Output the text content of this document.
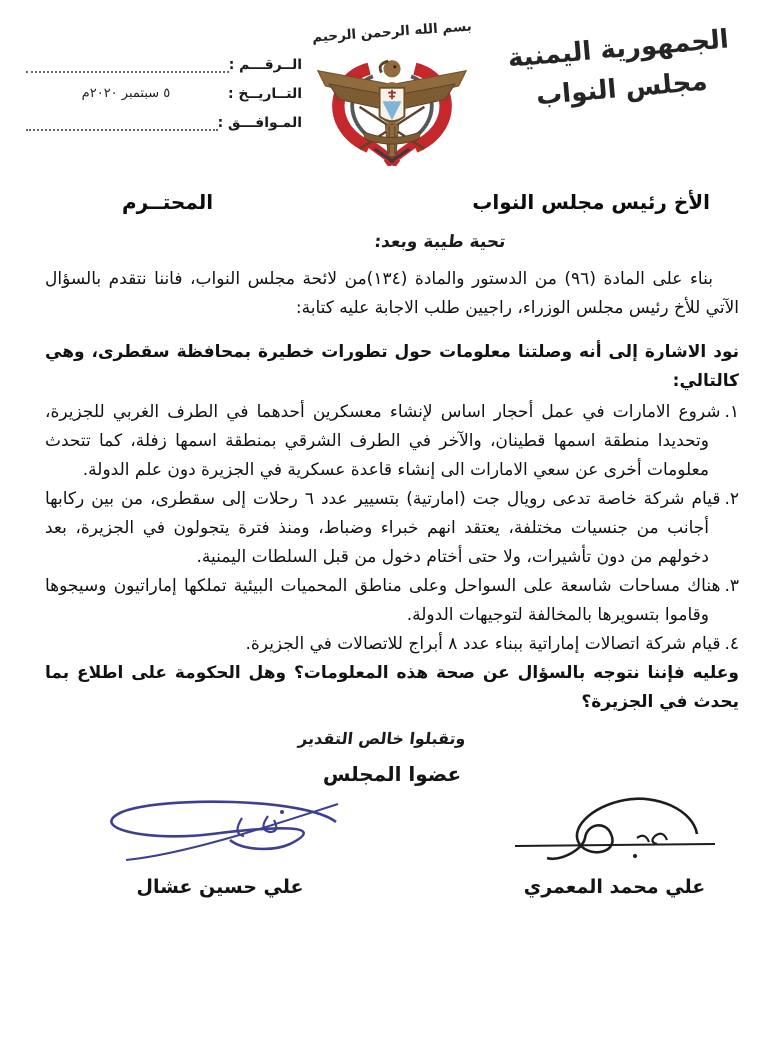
الجمهورية اليمنية
مجلس النواب
بسم الله الرحمن الرحيم
الــرقـــم :
التــاريــخ :
٥ سبتمبر ٢٠٢٠م
المـوافـــق :
الأخ رئيس مجلس النواب
المحتــرم
تحية طيبة وبعد:

بناء على المادة (٩٦) من الدستور والمادة (١٣٤)من لائحة مجلس النواب، فاننا نتقدم بالسؤال الآتي للأخ رئيس مجلس الوزراء، راجيين طلب الاجابة عليه كتابة:

نود الاشارة إلى أنه وصلتنا معلومات حول تطورات خطيرة بمحافظة سقطرى، وهي كالتالي:

١.شروع الامارات في عمل أحجار اساس لإنشاء معسكرين أحدهما في الطرف الغربي للجزيرة، وتحديدا منطقة اسمها قطينان، والآخر في الطرف الشرقي بمنطقة اسمها زفلة، كما تتحدث معلومات أخرى عن سعي الامارات الى إنشاء قاعدة عسكرية في الجزيرة دون علم الدولة.
٢.قيام شركة خاصة تدعى رويال جت (امارتية) بتسيير عدد ٦ رحلات إلى سقطرى، من بين ركابها أجانب من جنسيات مختلفة، يعتقد انهم خبراء وضباط، ومنذ فترة يتجولون في الجزيرة، بعد دخولهم من دون تأشيرات، ولا حتى أختام دخول من قبل السلطات اليمنية.
٣.هناك مساحات شاسعة على السواحل وعلى مناطق المحميات البيئية تملكها إماراتيون وسيجوها وقاموا بتسويرها بالمخالفة لتوجيهات الدولة.
٤.قيام شركة اتصالات إماراتية ببناء عدد ٨ أبراج للاتصالات في الجزيرة.

وعليه فإننا نتوجه بالسؤال عن صحة هذه المعلومات؟ وهل الحكومة على اطلاع بما يحدث في الجزيرة؟

وتقبلوا خالص التقدير
عضوا المجلس
علي محمد المعمري
علي حسين عشال
